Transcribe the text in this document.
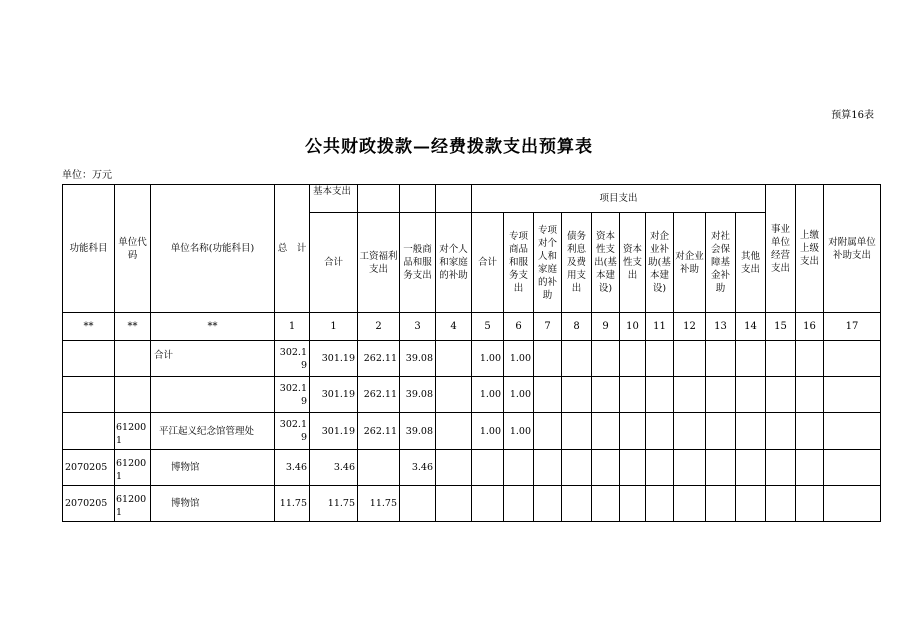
预算16表
公共财政拨款—经费拨款支出预算表
单位：万元
功能科目	单位代码	单位名称(功能科目)	总　计	基本支出				项目支出										事业单位经营支出	上缴上级支出	对附属单位补助支出
				合计	工资福利支出	一般商品和服务支出	对个人和家庭的补助	合计	专项商品和服务支出	专项对个人和家庭的补助	债务利息及费用支出	资本性支出(基本建设)	资本性支出	对企业补助(基本建设)	对企业补助	对社会保障基金补助	其他支出			

**	**	**	1	1	2	3	4	5	6	7	8	9	10	11	12	13	14	15	16	17
		合计	302.19	301.19	262.11	39.08		1.00	1.00											
			302.19	301.19	262.11	39.08		1.00	1.00											
	612001	平江起义纪念馆管理处	302.19	301.19	262.11	39.08		1.00	1.00											
2070205	612001	博物馆	3.46	3.46		3.46														
2070205	612001	博物馆	11.75	11.75	11.75															
